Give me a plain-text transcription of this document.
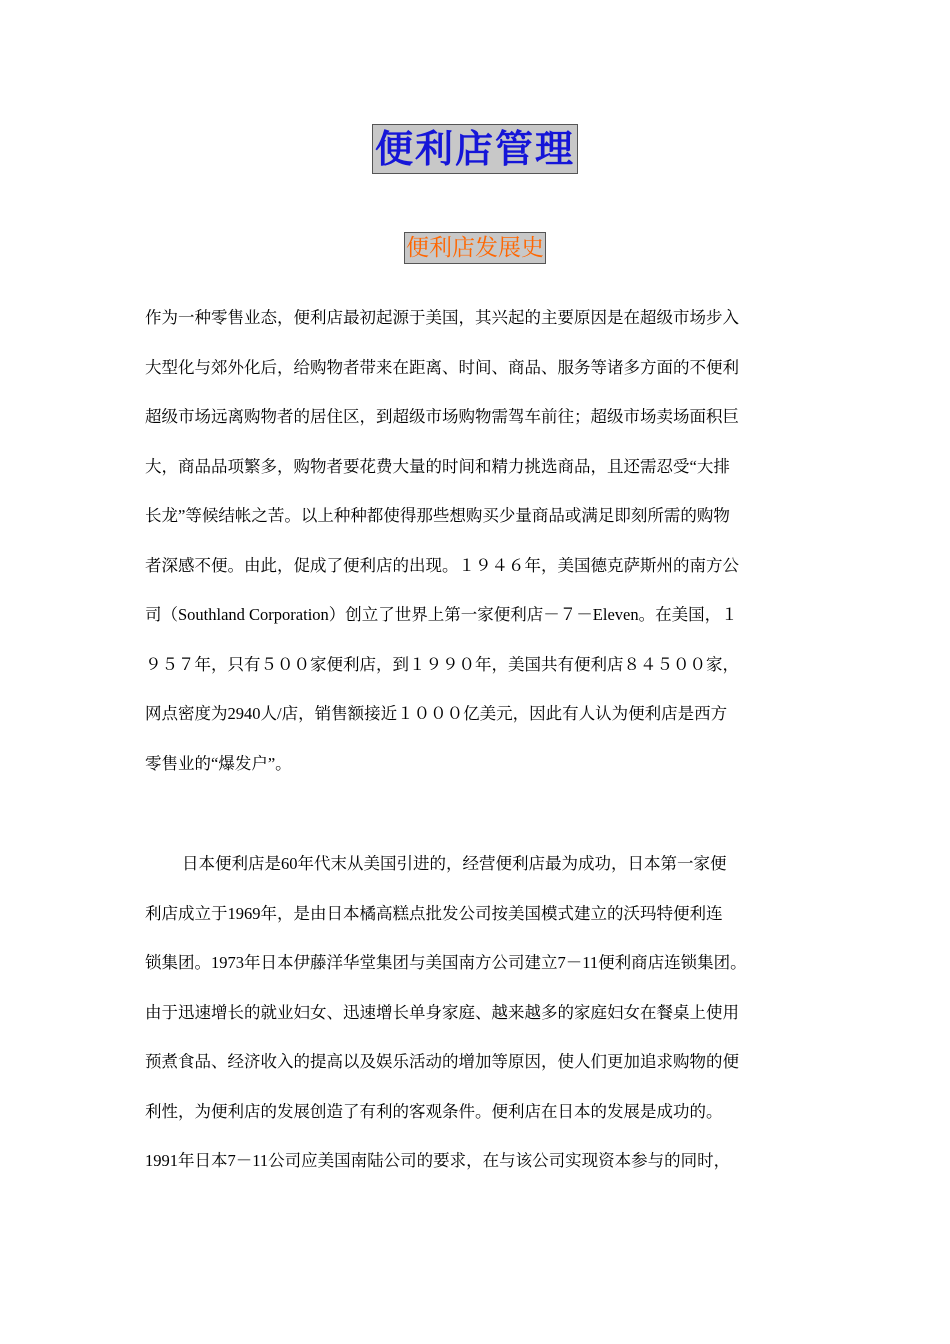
便利店管理
便利店发展史
作为一种零售业态，便利店最初起源于美国，其兴起的主要原因是在超级市场步入
大型化与郊外化后，给购物者带来在距离、时间、商品、服务等诸多方面的不便利
超级市场远离购物者的居住区，到超级市场购物需驾车前往；超级市场卖场面积巨
大，商品品项繁多，购物者要花费大量的时间和精力挑选商品，且还需忍受“大排
长龙”等候结帐之苦。以上种种都使得那些想购买少量商品或满足即刻所需的购物
者深感不便。由此，促成了便利店的出现。１９４６年，美国德克萨斯州的南方公
司（Southland Corporation）创立了世界上第一家便利店－７－Eleven。在美国，１
９５７年，只有５００家便利店，到１９９０年，美国共有便利店８４５００家，
网点密度为2940人/店，销售额接近１０００亿美元，因此有人认为便利店是西方
零售业的“爆发户”。
日本便利店是60年代末从美国引进的，经营便利店最为成功，日本第一家便
利店成立于1969年，是由日本橘高糕点批发公司按美国模式建立的沃玛特便利连
锁集团。1973年日本伊藤洋华堂集团与美国南方公司建立7－11便利商店连锁集团。
由于迅速增长的就业妇女、迅速增长单身家庭、越来越多的家庭妇女在餐桌上使用
预煮食品、经济收入的提高以及娱乐活动的增加等原因，使人们更加追求购物的便
利性，为便利店的发展创造了有利的客观条件。便利店在日本的发展是成功的。
1991年日本7－11公司应美国南陆公司的要求，在与该公司实现资本参与的同时，
